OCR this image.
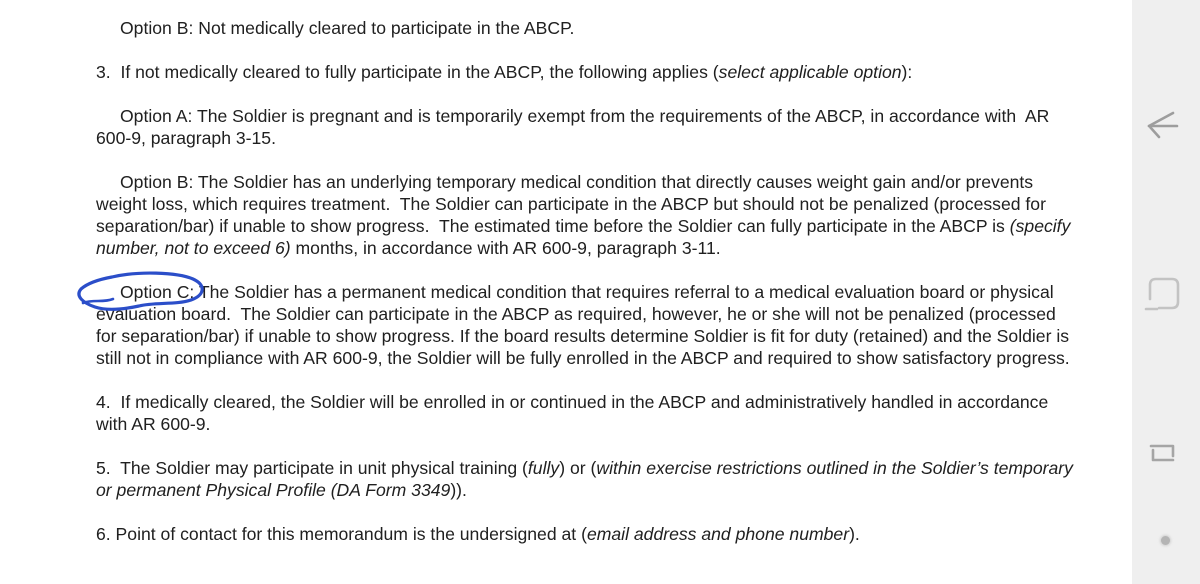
Option B: Not medically cleared to participate in the ABCP.
3.  If not medically cleared to fully participate in the ABCP, the following applies (select applicable option):
Option A: The Soldier is pregnant and is temporarily exempt from the requirements of the ABCP, in accordance with  AR 600-9, paragraph 3-15.
Option B: The Soldier has an underlying temporary medical condition that directly causes weight gain and/or prevents weight loss, which requires treatment.  The Soldier can participate in the ABCP but should not be penalized (processed for separation/bar) if unable to show progress.  The estimated time before the Soldier can fully participate in the ABCP is (specify number, not to exceed 6) months, in accordance with AR 600-9, paragraph 3-11.
Option C: The Soldier has a permanent medical condition that requires referral to a medical evaluation board or physical evaluation board.  The Soldier can participate in the ABCP as required, however, he or she will not be penalized (processed for separation/bar) if unable to show progress. If the board results determine Soldier is fit for duty (retained) and the Soldier is still not in compliance with AR 600-9, the Soldier will be fully enrolled in the ABCP and required to show satisfactory progress.
4.  If medically cleared, the Soldier will be enrolled in or continued in the ABCP and administratively handled in accordance with AR 600-9.
5.  The Soldier may participate in unit physical training (fully) or (within exercise restrictions outlined in the Soldier’s temporary or permanent Physical Profile (DA Form 3349)).
6. Point of contact for this memorandum is the undersigned at (email address and phone number).
